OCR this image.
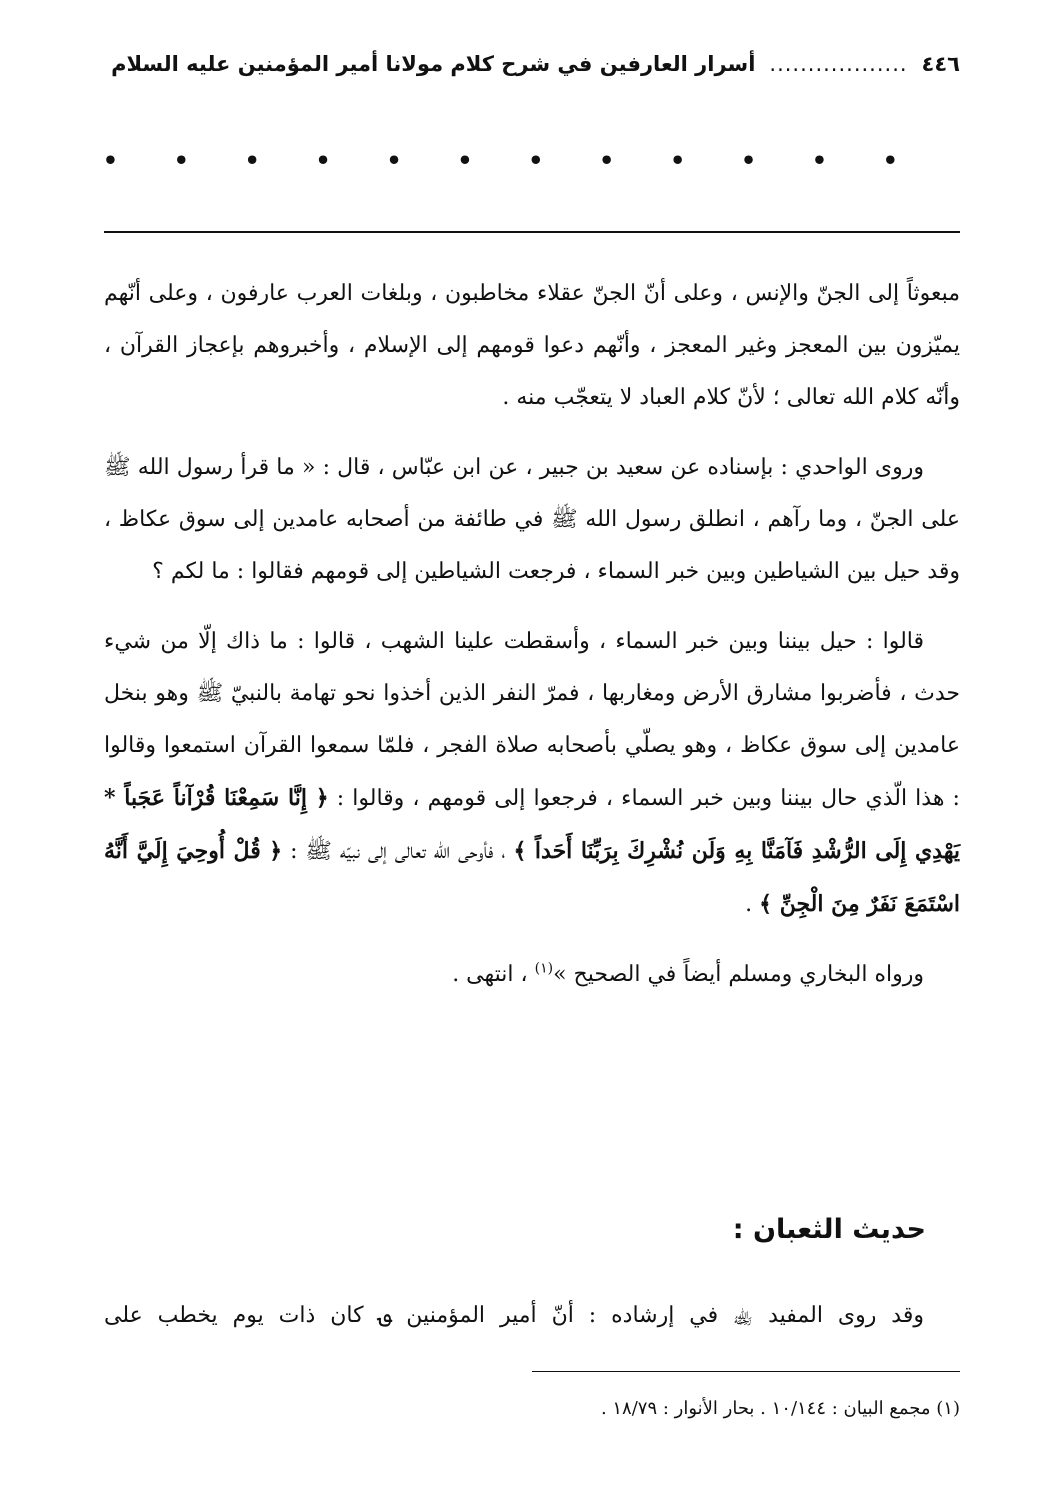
٤٤٦
..................
أسرار العارفين في شرح كلام مولانا أمير المؤمنين عليه السلام
•
•
•
•
•
•
•
•
•
•
•
•

مبعوثاً إلى الجنّ والإنس ، وعلى أنّ الجنّ عقلاء مخاطبون ، وبلغات العرب عارفون ، وعلى أنّهم يميّزون بين المعجز وغير المعجز ، وأنّهم دعوا قومهم إلى الإسلام ، وأخبروهم بإعجاز القرآن ، وأنّه كلام الله تعالى ؛ لأنّ كلام العباد لا يتعجّب منه .

وروى الواحدي : بإسناده عن سعيد بن جبير ، عن ابن عبّاس ، قال : « ما قرأ رسول الله ﷺ على الجنّ ، وما رآهم ، انطلق رسول الله ﷺ في طائفة من أصحابه عامدين إلى سوق عكاظ ، وقد حيل بين الشياطين وبين خبر السماء ، فرجعت الشياطين إلى قومهم فقالوا : ما لكم ؟

قالوا : حيل بيننا وبين خبر السماء ، وأسقطت علينا الشهب ، قالوا : ما ذاك إلّا من شيء حدث ، فأضربوا مشارق الأرض ومغاربها ، فمرّ النفر الذين أخذوا نحو تهامة بالنبيّ ﷺ وهو بنخل عامدين إلى سوق عكاظ ، وهو يصلّي بأصحابه صلاة الفجر ، فلمّا سمعوا القرآن استمعوا وقالوا : هذا الّذي حال بيننا وبين خبر السماء ، فرجعوا إلى قومهم ، وقالوا : ﴿ إِنَّا سَمِعْنَا قُرْآناً عَجَباً * يَهْدِي إِلَى الرُّشْدِ فَآمَنَّا بِهِ وَلَن نُشْرِكَ بِرَبِّنَا أَحَداً ﴾ ، فأوحى الله تعالى إلى نبيّه ﷺ : ﴿ قُلْ أُوحِيَ إِلَيَّ أَنَّهُ اسْتَمَعَ نَفَرٌ مِنَ الْجِنِّ ﴾ .

ورواه البخاري ومسلم أيضاً في الصحيح »$^{(١)}$ ، انتهى .

حديث الثعبان :
وقد روى المفيد ﵀ في إرشاده : أنّ أمير المؤمنين ؈ كان ذات يوم يخطب على
(١) مجمع البيان : ١٠/١٤٤ . بحار الأنوار : ١٨/٧٩ .
